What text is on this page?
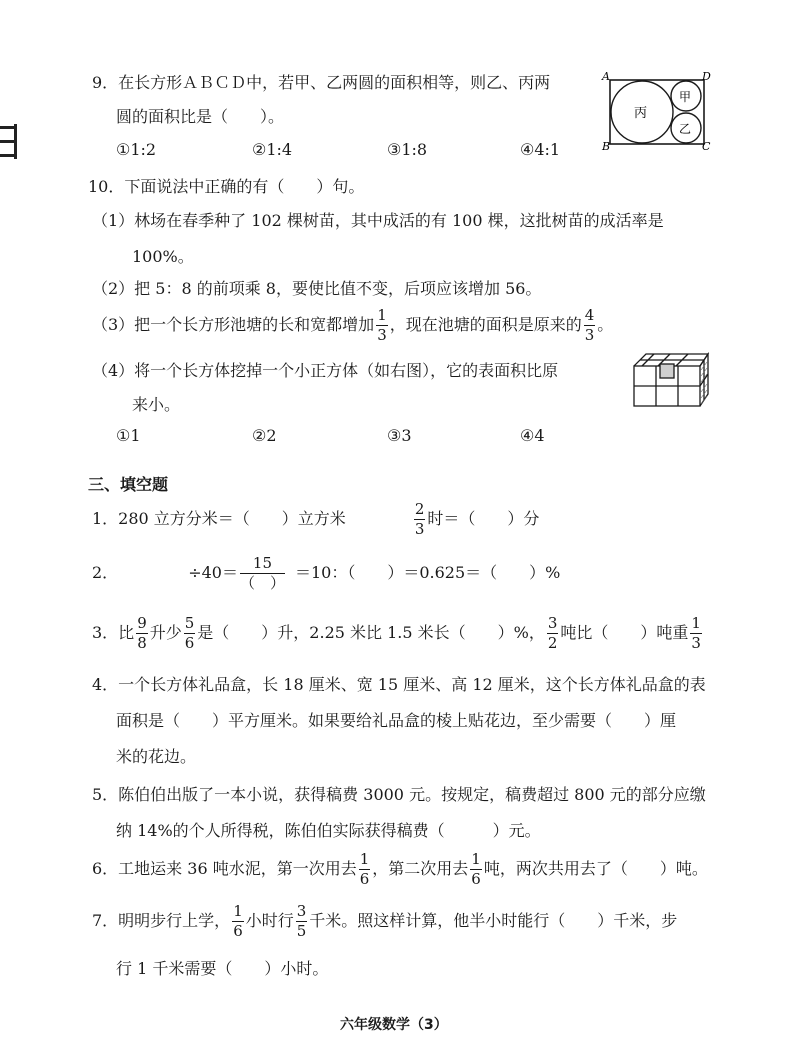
9．在长方形ＡＢＣＤ中，若甲、乙两圆的面积相等，则乙、丙两
圆的面积比是（　　）。
①1:2	②1:4	③1:8	④4:1
A	D
B	C
丙
甲
乙
10．下面说法中正确的有（　　）句。
（1）林场在春季种了 102 棵树苗，其中成活的有 100 棵，这批树苗的成活率是
100%。
（2）把 5：8 的前项乘 8，要使比值不变，后项应该增加 56。
（3）把一个长方形池塘的长和宽都增加 $\frac{1}{3}$ ，现在池塘的面积是原来的 $\frac{4}{3}$ 。
（4）将一个长方体挖掉一个小正方体（如右图），它的表面积比原
来小。
①1	②2	③3	④4
三、填空题
1．280 立方分米＝（　　）立方米	$\frac{2}{3}$ 时＝（　　）分
2．	$\div 40= \frac{15}{( )} =10$：（　　）＝0.625＝（　　）%
3．比 $\frac{9}{8}$ 升少 $\frac{5}{6}$ 是（　　）升，2.25 米比 1.5 米长（　　）%， $\frac{3}{2}$ 吨比（　　）吨重 $\frac{1}{3}$
4．一个长方体礼品盒，长 18 厘米、宽 15 厘米、高 12 厘米，这个长方体礼品盒的表
面积是（　　）平方厘米。如果要给礼品盒的棱上贴花边，至少需要（　　）厘
米的花边。
5．陈伯伯出版了一本小说，获得稿费 3000 元。按规定，稿费超过 800 元的部分应缴
纳 14%的个人所得税，陈伯伯实际获得稿费（　　　）元。
6．工地运来 36 吨水泥，第一次用去 $\frac{1}{6}$ ，第二次用去 $\frac{1}{6}$ 吨，两次共用去了（　　）吨。
7．明明步行上学， $\frac{1}{6}$ 小时行 $\frac{3}{5}$ 千米。照这样计算，他半小时能行（　　）千米，步
行 1 千米需要（　　）小时。
六年级数学（3）
